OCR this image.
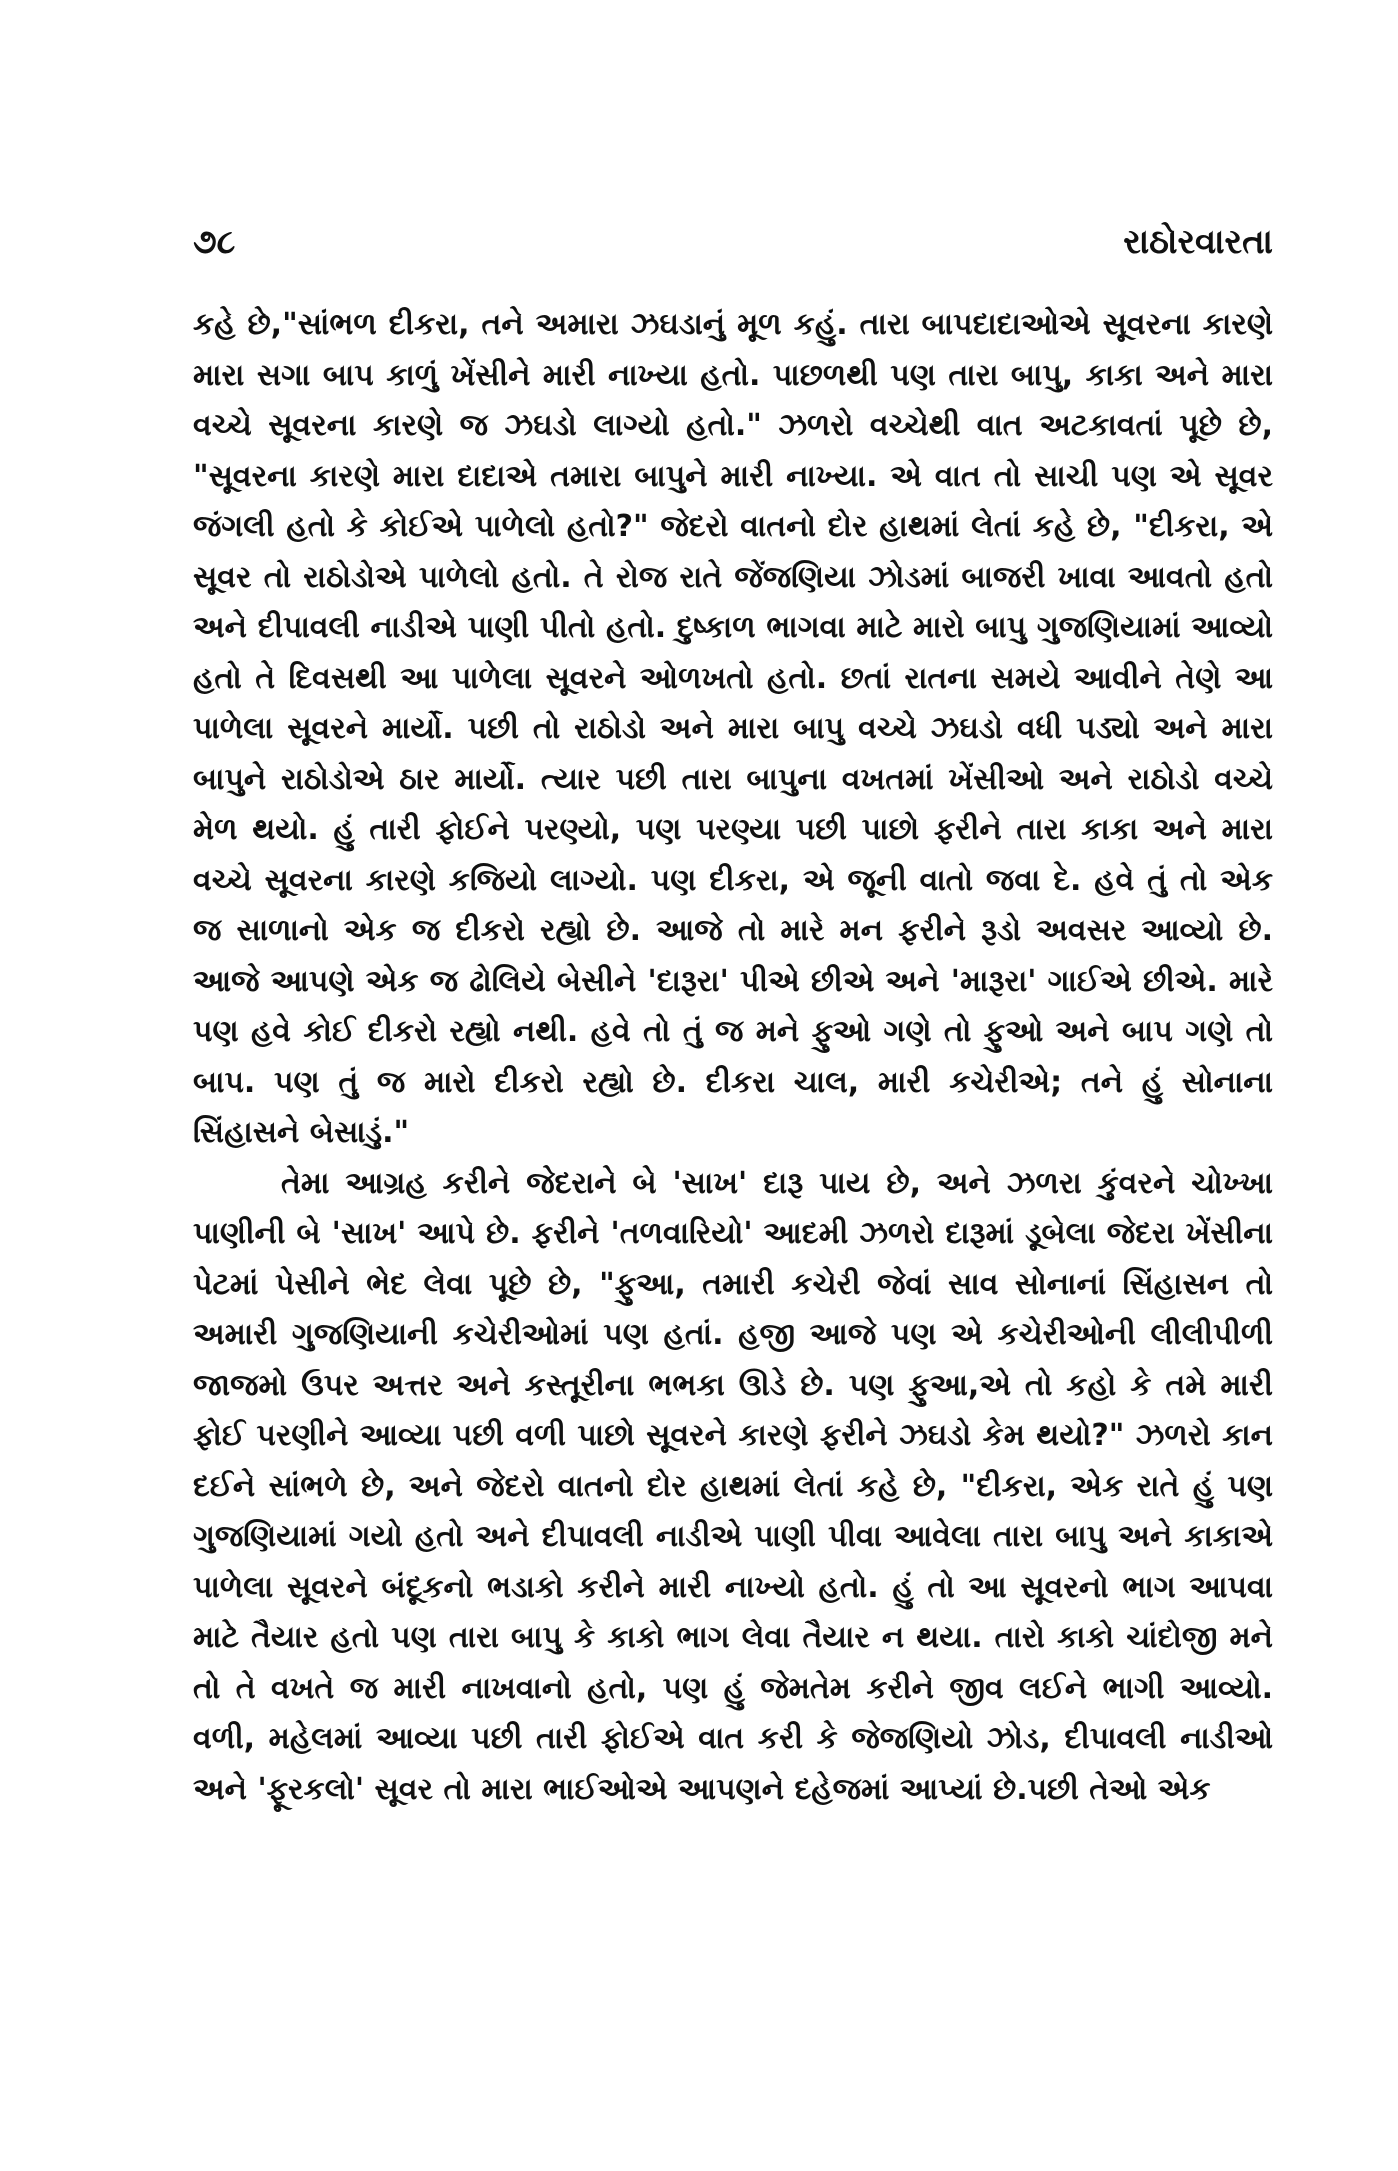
૭૮	રાઠોરવારતા

કહે છે,"સાંભળ દીકરા, તને અમારા ઝઘડાનું મૂળ કહું. તારા બાપદાદાઓએ સૂવરના કારણે મારા સગા બાપ કાળું ખેંસીને મારી નાખ્યા હતો. પાછળથી પણ તારા બાપુ, કાકા અને મારા વચ્ચે સૂવરના કારણે જ ઝઘડો લાગ્યો હતો." ઝળરો વચ્ચેથી વાત અટકાવતાં પૂછે છે, "સૂવરના કારણે મારા દાદાએ તમારા બાપુને મારી નાખ્યા. એ વાત તો સાચી પણ એ સૂવર જંગલી હતો કે કોઈએ પાળેલો હતો?" જેદરો વાતનો દોર હાથમાં લેતાં કહે છે, "દીકરા, એ સૂવર તો રાઠોડોએ પાળેલો હતો. તે રોજ રાતે જેંજણિયા ઝોડમાં બાજરી ખાવા આવતો હતો અને દીપાવલી નાડીએ પાણી પીતો હતો. દુષ્કાળ ભાગવા માટે મારો બાપુ ગુજણિયામાં આવ્યો હતો તે દિવસથી આ પાળેલા સૂવરને ઓળખતો હતો. છતાં રાતના સમયે આવીને તેણે આ પાળેલા સૂવરને માર્યો. પછી તો રાઠોડો અને મારા બાપુ વચ્ચે ઝઘડો વધી પડ્યો અને મારા બાપુને રાઠોડોએ ઠાર માર્યો. ત્યાર પછી તારા બાપુના વખતમાં ખેંસીઓ અને રાઠોડો વચ્ચે મેળ થયો. હું તારી ફોઈને પરણ્યો, પણ પરણ્યા પછી પાછો ફરીને તારા કાકા અને મારા વચ્ચે સૂવરના કારણે કજિયો લાગ્યો. પણ દીકરા, એ જૂની વાતો જવા દે. હવે તું તો એક જ સાળાનો એક જ દીકરો રહ્યો છે. આજે તો મારે મન ફરીને રૂડો અવસર આવ્યો છે. આજે આપણે એક જ ઢોલિયે બેસીને 'દારૂરા' પીએ છીએ અને 'મારૂરા' ગાઈએ છીએ. મારે પણ હવે કોઈ દીકરો રહ્યો નથી. હવે તો તું જ મને ફુઓ ગણે તો ફુઓ અને બાપ ગણે તો બાપ. પણ તું જ મારો દીકરો રહ્યો છે. દીકરા ચાલ, મારી કચેરીએ; તને હું સોનાના સિંહાસને બેસાડું."

તેમા આગ્રહ કરીને જેદરાને બે 'સાખ' દારૂ પાય છે, અને ઝળરા કુંવરને ચોખ્ખા પાણીની બે 'સાખ' આપે છે. ફરીને 'તળવારિયો' આદમી ઝળરો દારૂમાં ડૂબેલા જેદરા ખેંસીના પેટમાં પેસીને ભેદ લેવા પૂછે છે, "ફુઆ, તમારી કચેરી જેવાં સાવ સોનાનાં સિંહાસન તો અમારી ગુજણિયાની કચેરીઓમાં પણ હતાં. હજી આજે પણ એ કચેરીઓની લીલીપીળી જાજમો ઉપર અત્તર અને કસ્તૂરીના ભભકા ઊડે છે. પણ ફુઆ,એ તો કહો કે તમે મારી ફોઈ પરણીને આવ્યા પછી વળી પાછો સૂવરને કારણે ફરીને ઝઘડો કેમ થયો?" ઝળરો કાન દઈને સાંભળે છે, અને જેદરો વાતનો દોર હાથમાં લેતાં કહે છે, "દીકરા, એક રાતે હું પણ ગુજણિયામાં ગયો હતો અને દીપાવલી નાડીએ પાણી પીવા આવેલા તારા બાપુ અને કાકાએ પાળેલા સૂવરને બંદૂકનો ભડાકો કરીને મારી નાખ્યો હતો. હું તો આ સૂવરનો ભાગ આપવા માટે તૈયાર હતો પણ તારા બાપુ કે કાકો ભાગ લેવા તૈયાર ન થયા. તારો કાકો ચાંદોજી મને તો તે વખતે જ મારી નાખવાનો હતો, પણ હું જેમતેમ કરીને જીવ લઈને ભાગી આવ્યો. વળી, મહેલમાં આવ્યા પછી તારી ફોઈએ વાત કરી કે જેજણિયો ઝોડ, દીપાવલી નાડીઓ અને 'ફૂરકલો' સૂવર તો મારા ભાઈઓએ આપણને દહેજમાં આપ્યાં છે.પછી તેઓ એક
